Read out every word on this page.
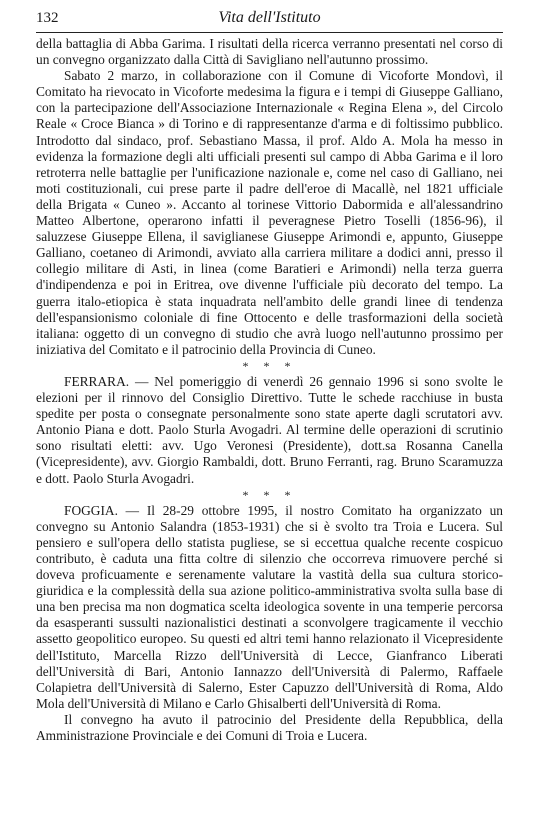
132	Vita dell'Istituto

della battaglia di Abba Garima. I risultati della ricerca verranno presentati nel corso di un convegno organizzato dalla Città di Savigliano nell'autunno prossimo.

Sabato 2 marzo, in collaborazione con il Comune di Vicoforte Mondovì, il Comitato ha rievocato in Vicoforte medesima la figura e i tempi di Giuseppe Galliano, con la partecipazione dell'Associazione Internazionale « Regina Elena », del Circolo Reale « Croce Bianca » di Torino e di rappresentanze d'arma e di foltissimo pubblico. Introdotto dal sindaco, prof. Sebastiano Massa, il prof. Aldo A. Mola ha messo in evidenza la formazione degli alti ufficiali presenti sul campo di Abba Garima e il loro retroterra nelle battaglie per l'unificazione nazionale e, come nel caso di Galliano, nei moti costituzionali, cui prese parte il padre dell'eroe di Macallè, nel 1821 ufficiale della Brigata « Cuneo ». Accanto al torinese Vittorio Dabormida e all'alessandrino Matteo Albertone, operarono infatti il peveragnese Pietro Toselli (1856-96), il saluzzese Giuseppe Ellena, il saviglianese Giuseppe Arimondi e, appunto, Giuseppe Galliano, coetaneo di Arimondi, avviato alla carriera militare a dodici anni, presso il collegio militare di Asti, in linea (come Baratieri e Arimondi) nella terza guerra d'indipendenza e poi in Eritrea, ove divenne l'ufficiale più decorato del tempo. La guerra italo-etiopica è stata inquadrata nell'ambito delle grandi linee di tendenza dell'espansionismo coloniale di fine Ottocento e delle trasformazioni della società italiana: oggetto di un convegno di studio che avrà luogo nell'autunno prossimo per iniziativa del Comitato e il patrocinio della Provincia di Cuneo.

* * *

FERRARA. — Nel pomeriggio di venerdì 26 gennaio 1996 si sono svolte le elezioni per il rinnovo del Consiglio Direttivo. Tutte le schede racchiuse in busta spedite per posta o consegnate personalmente sono state aperte dagli scrutatori avv. Antonio Piana e dott. Paolo Sturla Avogadri. Al termine delle operazioni di scrutinio sono risultati eletti: avv. Ugo Veronesi (Presidente), dott.sa Rosanna Canella (Vicepresidente), avv. Giorgio Rambaldi, dott. Bruno Ferranti, rag. Bruno Scaramuzza e dott. Paolo Sturla Avogadri.

* * *

FOGGIA. — Il 28-29 ottobre 1995, il nostro Comitato ha organizzato un convegno su Antonio Salandra (1853-1931) che si è svolto tra Troia e Lucera. Sul pensiero e sull'opera dello statista pugliese, se si eccettua qualche recente cospicuo contributo, è caduta una fitta coltre di silenzio che occorreva rimuovere perché si doveva proficuamente e serenamente valutare la vastità della sua cultura storico-giuridica e la complessità della sua azione politico-amministrativa svolta sulla base di una ben precisa ma non dogmatica scelta ideologica sovente in una temperie percorsa da esasperanti sussulti nazionalistici destinati a sconvolgere tragicamente il vecchio assetto geopolitico europeo. Su questi ed altri temi hanno relazionato il Vicepresidente dell'Istituto, Marcella Rizzo dell'Università di Lecce, Gianfranco Liberati dell'Università di Bari, Antonio Iannazzo dell'Università di Palermo, Raffaele Colapietra dell'Università di Salerno, Ester Capuzzo dell'Università di Roma, Aldo Mola dell'Università di Milano e Carlo Ghisalberti dell'Università di Roma.

Il convegno ha avuto il patrocinio del Presidente della Repubblica, della Amministrazione Provinciale e dei Comuni di Troia e Lucera.
